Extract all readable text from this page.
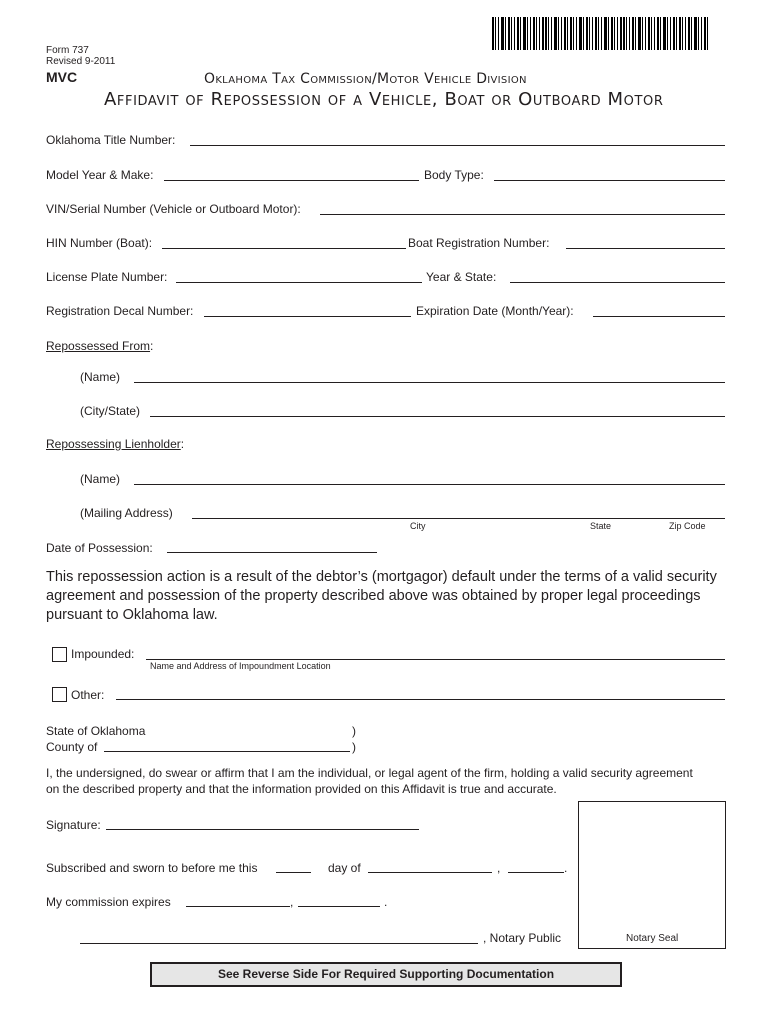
Form 737
Revised 9-2011
MVC	Oklahoma Tax Commission/Motor Vehicle Division
Affidavit of Repossession of a Vehicle, Boat or Outboard Motor
Oklahoma Title Number:
Model Year & Make:	Body Type:
VIN/Serial Number (Vehicle or Outboard Motor):
HIN Number (Boat):	Boat Registration Number:
License Plate Number:	Year & State:
Registration Decal Number:	Expiration Date (Month/Year):
Repossessed From:
(Name)
(City/State)
Repossessing Lienholder:
(Name)
(Mailing Address)
City	State	Zip Code
Date of Possession:
This repossession action is a result of the debtor’s (mortgagor) default under the terms of a valid security agreement and possession of the property described above was obtained by proper legal proceedings pursuant to Oklahoma law.
Impounded:
Name and Address of Impoundment Location
Other:
State of Oklahoma	)
County of	)
I, the undersigned, do swear or affirm that I am the individual, or legal agent of the firm, holding a valid security agreement on the described property and that the information provided on this Affidavit is true and accurate.
Signature:
Notary Seal
Subscribed and sworn to before me this	day of	,	.
My commission expires	,	.
, Notary Public
See Reverse Side For Required Supporting Documentation
